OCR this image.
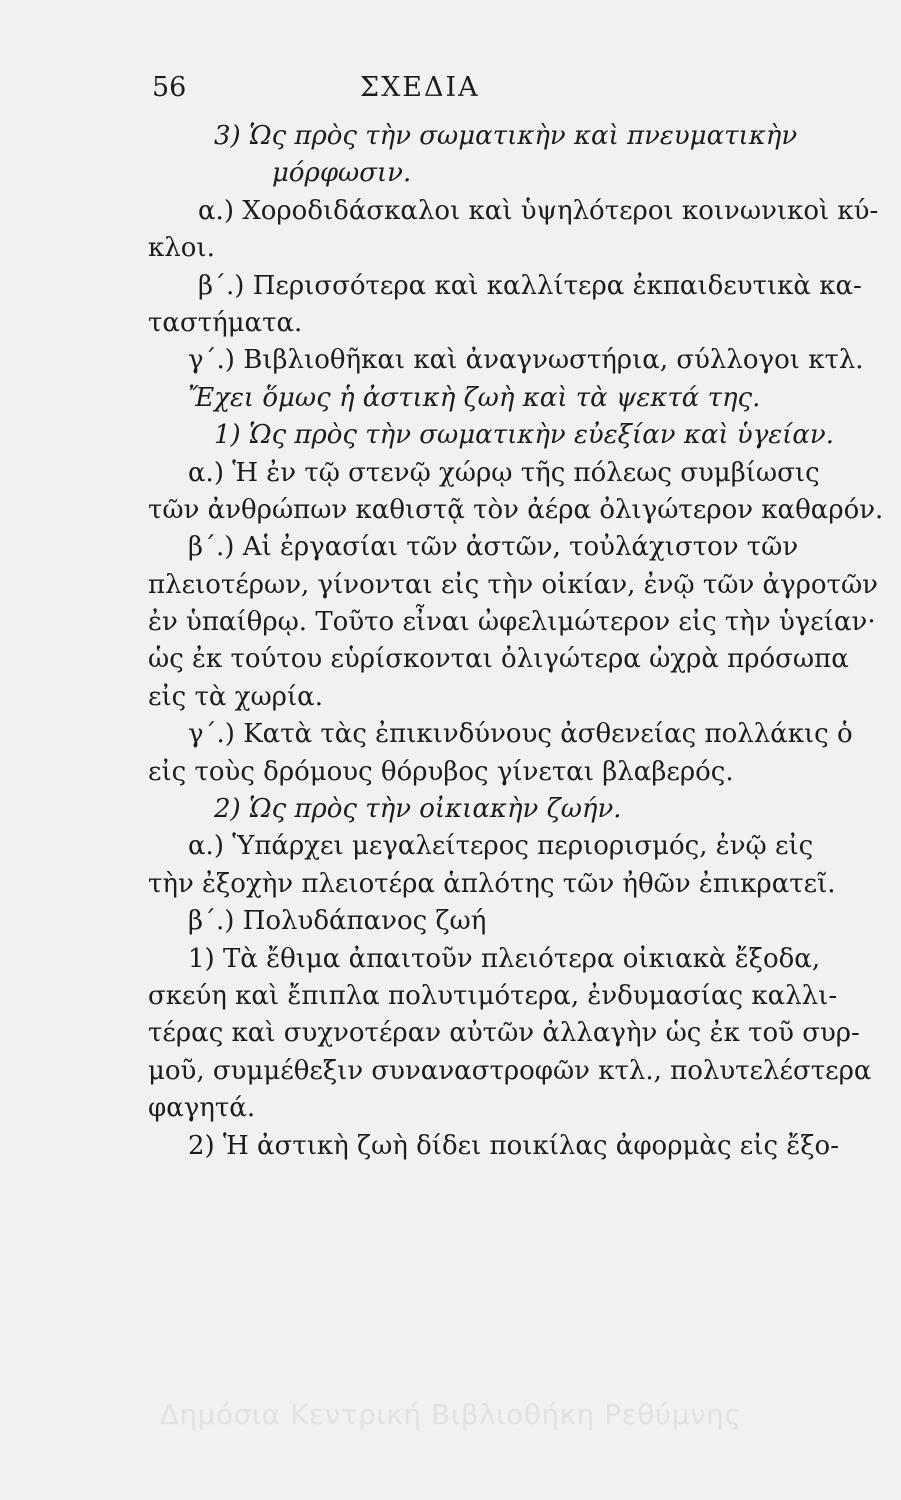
56	ΣΧΕΔΙΑ
3) Ὡς πρὸς τὴν σωματικὴν καὶ πνευματικὴν
μόρφωσιν.
α.) Χοροδιδάσκαλοι καὶ ὑψηλότεροι κοινωνικοὶ κύ-
κλοι.
β΄.) Περισσότερα καὶ καλλίτερα ἐκπαιδευτικὰ κα-
ταστήματα.
γ΄.) Βιβλιοθῆκαι καὶ ἀναγνωστήρια, σύλλογοι κτλ.
Ἔχει ὅμως ἡ ἀστικὴ ζωὴ καὶ τὰ ψεκτά της.
1) Ὡς πρὸς τὴν σωματικὴν εὐεξίαν καὶ ὑγείαν.
α.) Ἡ ἐν τῷ στενῷ χώρῳ τῆς πόλεως συμβίωσις
τῶν ἀνθρώπων καθιστᾷ τὸν ἀέρα ὀλιγώτερον καθαρόν.
β΄.) Αἱ ἐργασίαι τῶν ἀστῶν, τοὐλάχιστον τῶν
πλειοτέρων, γίνονται εἰς τὴν οἰκίαν, ἐνῷ τῶν ἀγροτῶν
ἐν ὑπαίθρῳ. Τοῦτο εἶναι ὠφελιμώτερον εἰς τὴν ὑγείαν·
ὡς ἐκ τούτου εὑρίσκονται ὀλιγώτερα ὠχρὰ πρόσωπα
εἰς τὰ χωρία.
γ΄.) Κατὰ τὰς ἐπικινδύνους ἀσθενείας πολλάκις ὁ
εἰς τοὺς δρόμους θόρυβος γίνεται βλαβερός.
2) Ὡς πρὸς τὴν οἰκιακὴν ζωήν.
α.) Ὑπάρχει μεγαλείτερος περιορισμός, ἐνῷ εἰς
τὴν ἐξοχὴν πλειοτέρα ἁπλότης τῶν ἠθῶν ἐπικρατεῖ.
β΄.) Πολυδάπανος ζωή
1) Τὰ ἔθιμα ἀπαιτοῦν πλειότερα οἰκιακὰ ἔξοδα,
σκεύη καὶ ἔπιπλα πολυτιμότερα, ἐνδυμασίας καλλι-
τέρας καὶ συχνοτέραν αὐτῶν ἀλλαγὴν ὡς ἐκ τοῦ συρ-
μοῦ, συμμέθεξιν συναναστροφῶν κτλ., πολυτελέστερα
φαγητά.
2) Ἡ ἀστικὴ ζωὴ δίδει ποικίλας ἀφορμὰς εἰς ἔξο-
Δημόσια Κεντρική Βιβλιοθήκη Ρεθύμνης
